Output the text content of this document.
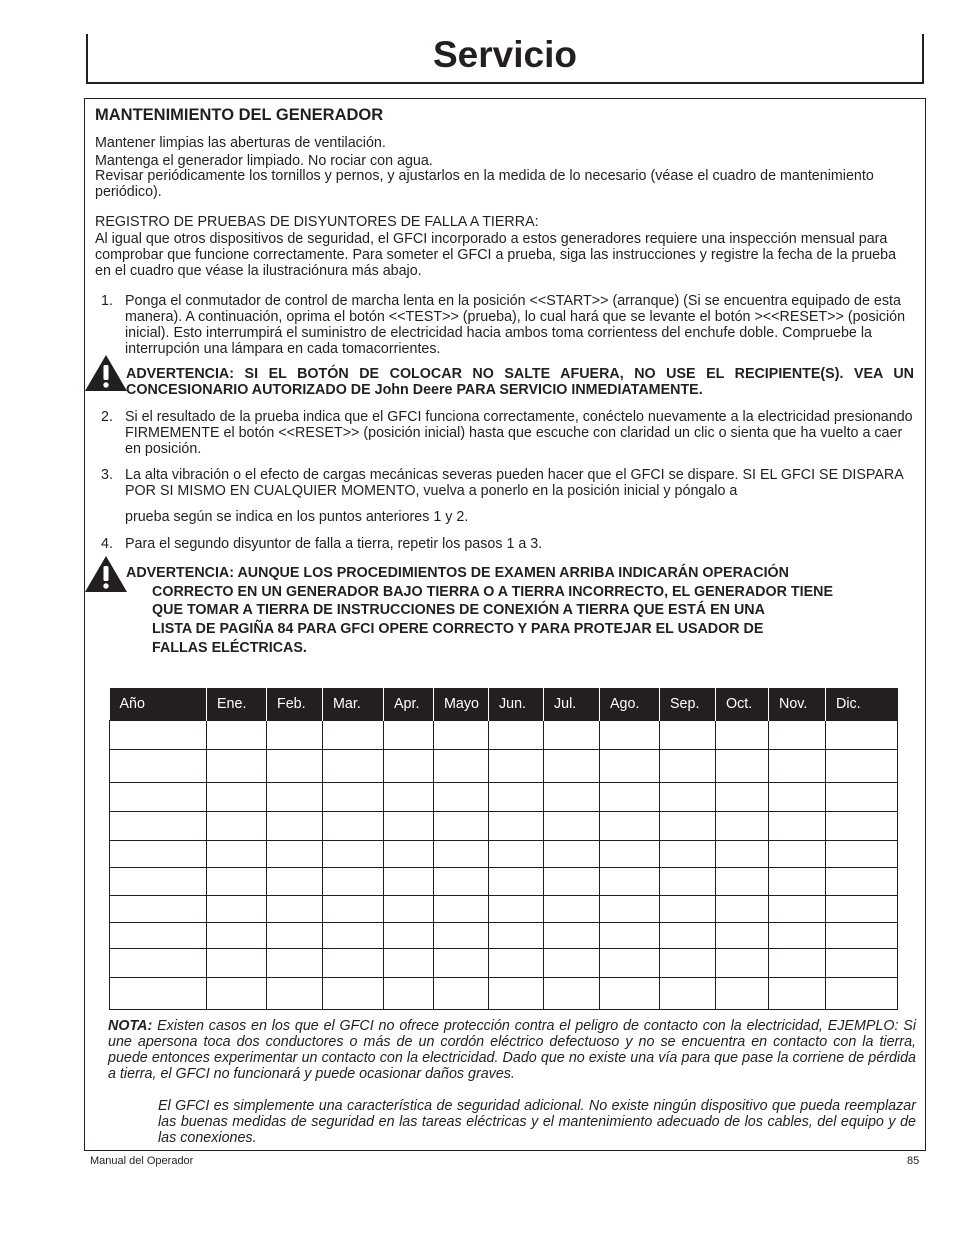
Servicio
MANTENIMIENTO DEL GENERADOR

Mantener limpias las aberturas de ventilación.

Mantenga el generador limpiado. No rociar con agua.

Revisar periódicamente los tornillos y pernos, y ajustarlos en la medida de lo necesario (véase el cuadro de mantenimiento periódico).

REGISTRO DE PRUEBAS DE DISYUNTORES DE FALLA A TIERRA:

Al igual que otros dispositivos de seguridad, el GFCI incorporado a estos generadores requiere una inspección mensual para comprobar que funcione correctamente. Para someter el GFCI a prueba, siga las instrucciones y registre la fecha de la prueba en el cuadro que véase la ilustraciónura más abajo.

1. Ponga el conmutador de control de marcha lenta en la posición <<START>> (arranque) (Si se encuentra equipado de esta manera). A continuación, oprima el botón <<TEST>> (prueba), lo cual hará que se levante el botón ><<RESET>> (posición inicial). Esto interrumpirá el suministro de electricidad hacia ambos toma corrientess del enchufe doble. Compruebe la interrupción una lámpara en cada tomacorrientes.

ADVERTENCIA: SI EL BOTÓN DE COLOCAR NO SALTE AFUERA, NO USE EL RECIPIENTE(S). VEA UN CONCESIONARIO AUTORIZADO DE John Deere PARA SERVICIO INMEDIATAMENTE.

2. Si el resultado de la prueba indica que el GFCI funciona correctamente, conéctelo nuevamente a la electricidad presionando FIRMEMENTE el botón <<RESET>> (posición inicial) hasta que escuche con claridad un clic o sienta que ha vuelto a caer en posición.

3. La alta vibración o el efecto de cargas mecánicas severas pueden hacer que el GFCI se dispare. SI EL GFCI SE DISPARA POR SI MISMO EN CUALQUIER MOMENTO, vuelva a ponerlo en la posición inicial y póngalo a

prueba según se indica en los puntos anteriores 1 y 2.

4. Para el segundo disyuntor de falla a tierra, repetir los pasos 1 a 3.

ADVERTENCIA: AUNQUE LOS PROCEDIMIENTOS DE EXAMEN ARRIBA INDICARÁN OPERACIÓN

CORRECTO EN UN GENERADOR BAJO TIERRA O A TIERRA INCORRECTO, EL GENERADOR TIENE

QUE TOMAR A TIERRA DE INSTRUCCIONES DE CONEXIÓN A TIERRA QUE ESTÁ EN UNA

LISTA DE PAGIÑA 84 PARA GFCI OPERE CORRECTO Y PARA PROTEJAR EL USADOR DE

FALLAS ELÉCTRICAS.

Año	Ene.	Feb.	Mar.	Apr.	Mayo	Jun.	Jul.	Ago.	Sep.	Oct.	Nov.	Dic.

NOTA: Existen casos en los que el GFCI no ofrece protección contra el peligro de contacto con la electricidad, EJEMPLO: Si une apersona toca dos conductores o más de un cordón eléctrico defectuoso y no se encuentra en contacto con la tierra, puede entonces experimentar un contacto con la electricidad. Dado que no existe una vía para que pase la corriene de pérdida a tierra, el GFCI no funcionará y puede ocasionar daños graves.

El GFCI es simplemente una característica de seguridad adicional. No existe ningún dispositivo que pueda reemplazar las buenas medidas de seguridad en las tareas eléctricas y el mantenimiento adecuado de los cables, del equipo y de las conexiones.

Manual del Operador	85
